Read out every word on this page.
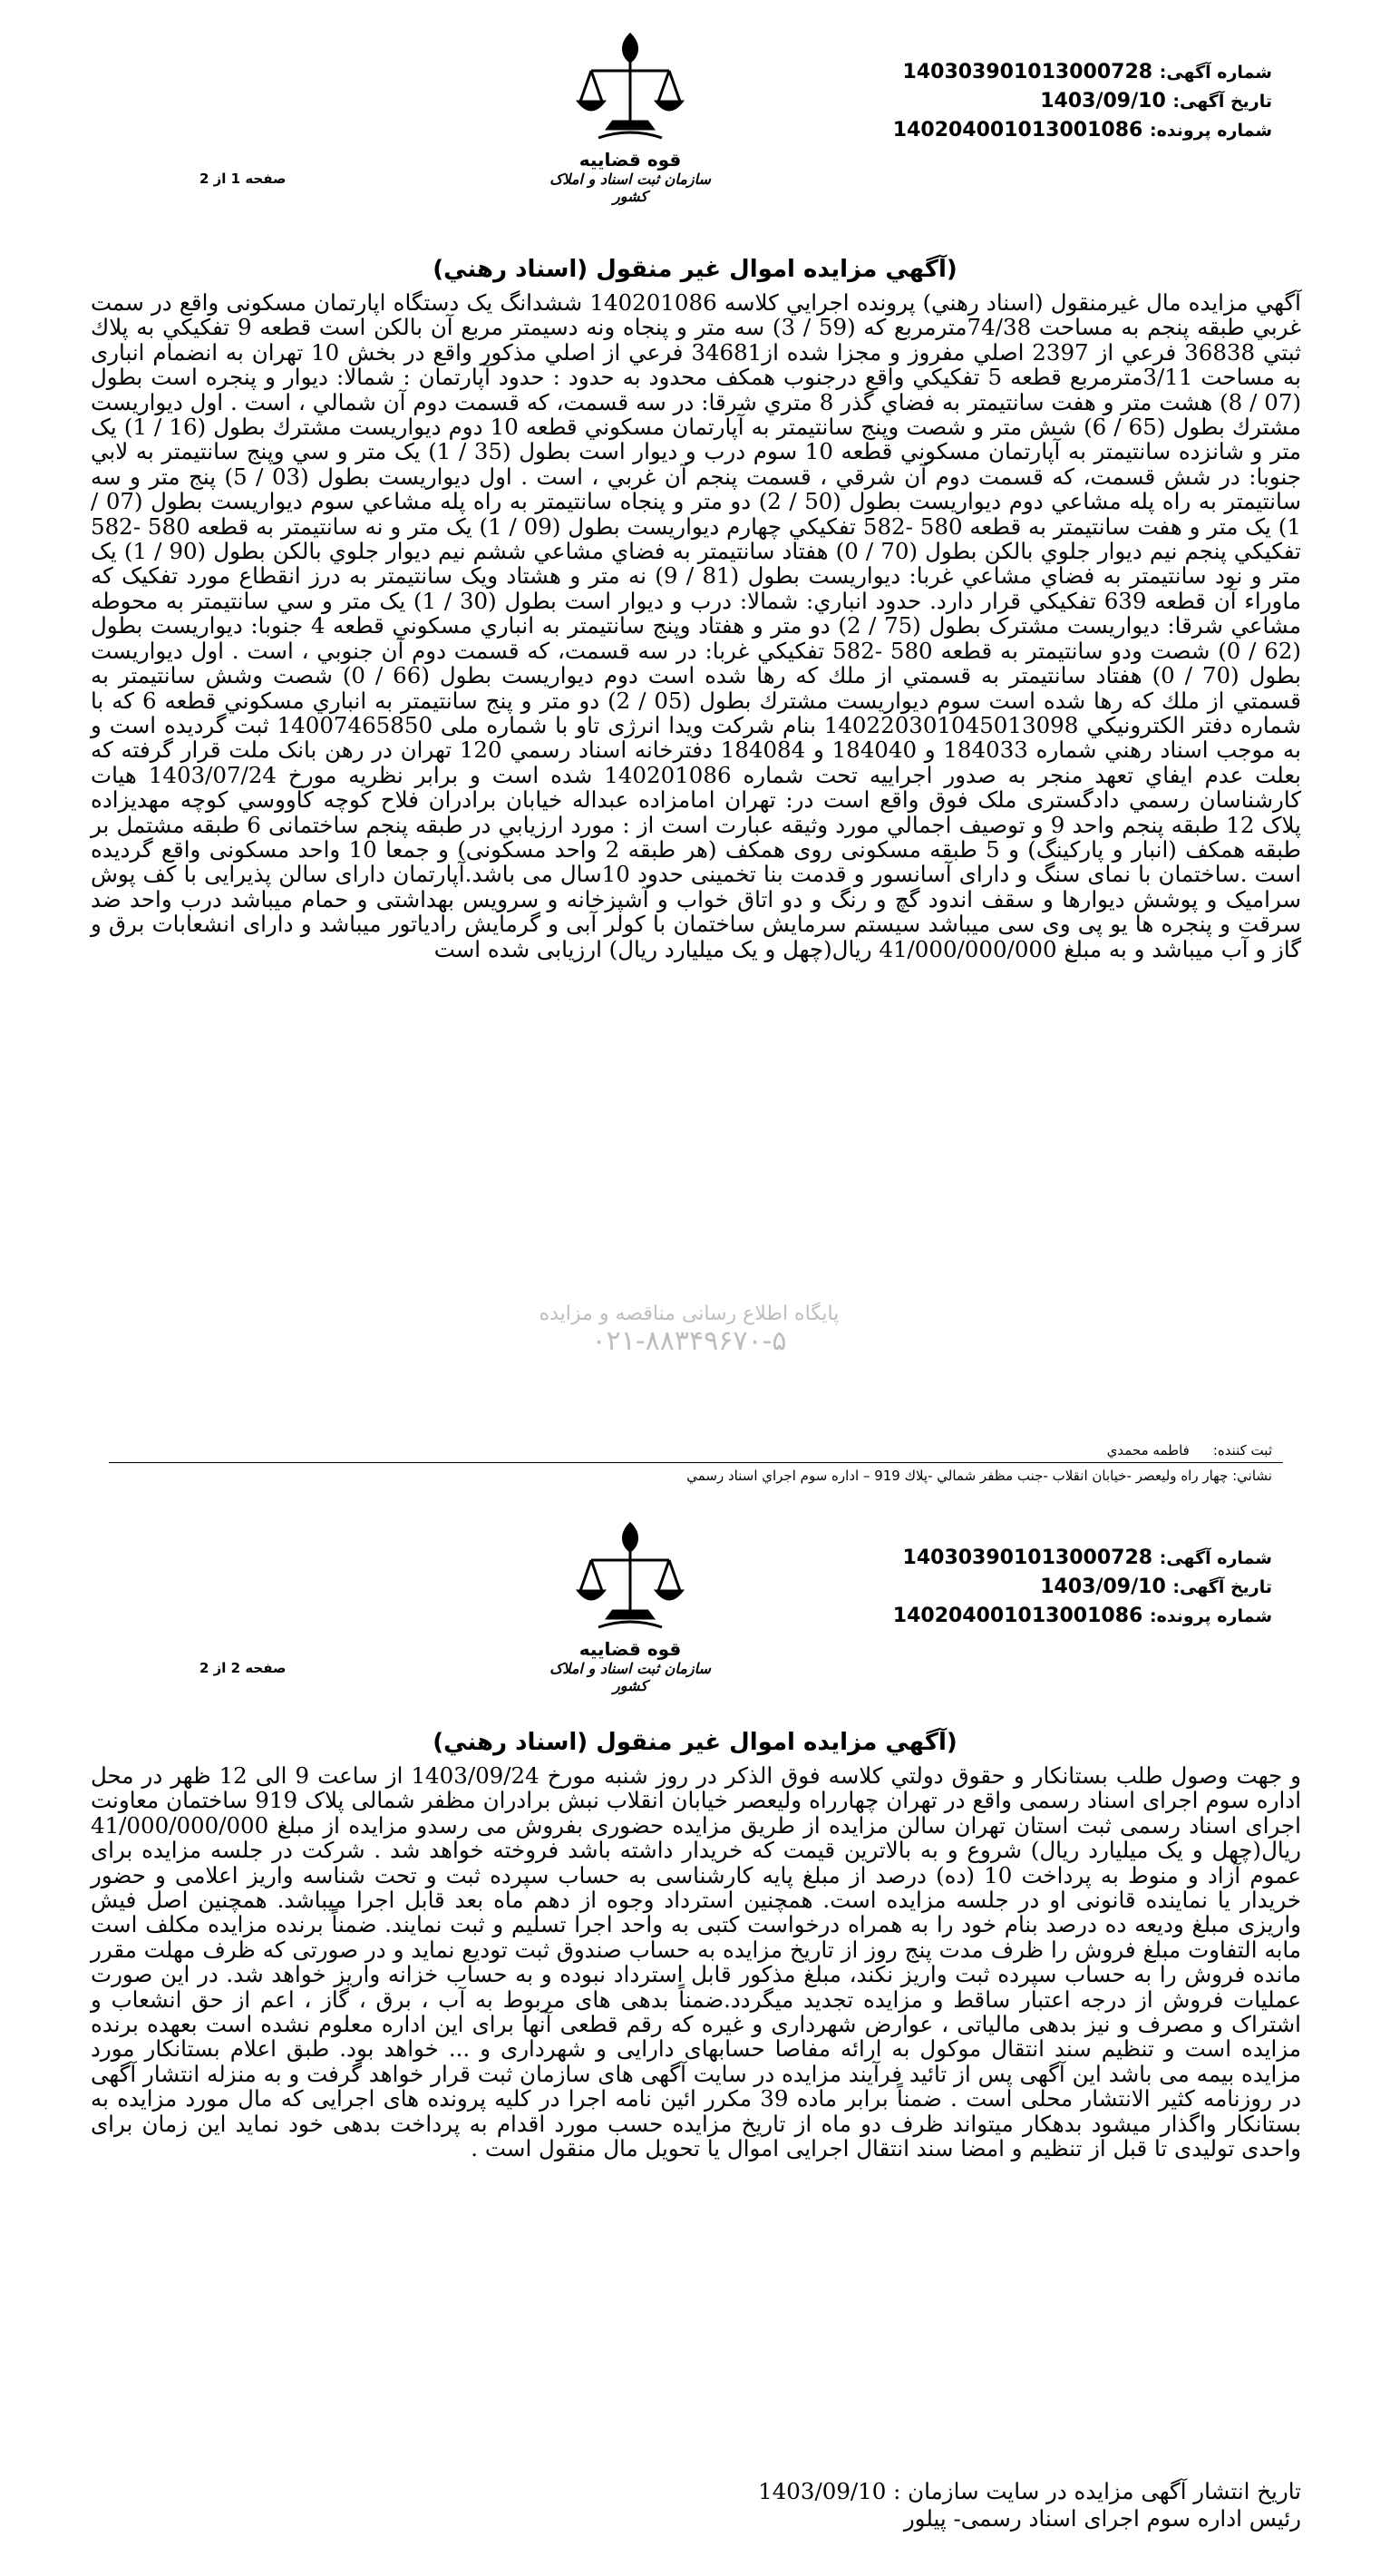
شماره آگهی: 140303901013000728
تاریخ آگهی: 1403/09/10
شماره پرونده: 140204001013001086
قوه قضاییه
سازمان ثبت اسناد و املاک کشور
صفحه 1 از 2
(آگهي مزايده اموال غير منقول (اسناد رهني)

آگهي مزايده مال غيرمنقول (اسناد رهني) پرونده اجرايي كلاسه 140201086 ششدانگ يک دستگاه اپارتمان مسکونی واقع در سمت غربي طبقه پنجم به مساحت 74/38مترمربع كه (59 / 3) سه متر و پنجاه ونه دسيمتر مربع آن بالكن است قطعه 9 تفكيكي به پلاك ثبتي 36838 فرعي از 2397 اصلي مفروز و مجزا شده از34681 فرعي از اصلي مذكور واقع در بخش 10 تهران به انضمام انباری به مساحت 3/11مترمربع قطعه 5 تفكيكي واقع درجنوب همكف محدود به حدود : حدود آپارتمان : شمالا: ديوار و پنجره است بطول (07 / 8) هشت متر و هفت سانتيمتر به فضاي گذر 8 متري شرقا: در سه قسمت، كه قسمت دوم آن شمالي ، است . اول ديواريست مشترك بطول (65 / 6) شش متر و شصت وپنج سانتيمتر به آپارتمان مسكوني قطعه 10 دوم ديواريست مشترك بطول (16 / 1) يک متر و شانزده سانتيمتر به آپارتمان مسكوني قطعه 10 سوم درب و ديوار است بطول (35 / 1) يک متر و سي وپنج سانتيمتر به لابي جنوبا: در شش قسمت، كه قسمت دوم آن شرقي ، قسمت پنجم آن غربي ، است . اول ديواريست بطول (03 / 5) پنج متر و سه سانتيمتر به راه پله مشاعي دوم ديواريست بطول (50 / 2) دو متر و پنجاه سانتيمتر به راه پله مشاعي سوم ديواريست بطول (07 / 1) يک متر و هفت سانتيمتر به قطعه 580 -582 تفكيكي چهارم ديواريست بطول (09 / 1) يک متر و نه سانتيمتر به قطعه 580 -582 تفكيكي پنجم نيم ديوار جلوي بالكن بطول (70 / 0) هفتاد سانتيمتر به فضاي مشاعي ششم نيم ديوار جلوي بالكن بطول (90 / 1) يک متر و نود سانتيمتر به فضاي مشاعي غربا: ديواريست بطول (81 / 9) نه متر و هشتاد ويک سانتيمتر به درز انقطاع مورد تفكيک كه ماوراء آن قطعه 639 تفكيكي قرار دارد. حدود انباري: شمالا: درب و ديوار است بطول (30 / 1) يک متر و سي سانتيمتر به محوطه مشاعي شرقا: ديواريست مشترک بطول (75 / 2) دو متر و هفتاد وپنج سانتيمتر به انباري مسكوني قطعه 4 جنوبا: ديواريست بطول (62 / 0) شصت ودو سانتيمتر به قطعه 580 -582 تفكيكي غربا: در سه قسمت، كه قسمت دوم آن جنوبي ، است . اول ديواريست بطول (70 / 0) هفتاد سانتيمتر به قسمتي از ملك كه رها شده است دوم ديواريست بطول (66 / 0) شصت وشش سانتيمتر به قسمتي از ملك كه رها شده است سوم ديواريست مشترك بطول (05 / 2) دو متر و پنج سانتيمتر به انباري مسكوني قطعه 6 كه با شماره دفتر الكترونيكي 140220301045013098 بنام شركت ويدا انرژی تاو با شماره ملی 14007465850 ثبت گرديده است و به موجب اسناد رهني شماره 184033 و 184040 و 184084 دفترخانه اسناد رسمي 120 تهران در رهن بانک ملت قرار گرفته كه بعلت عدم ايفاي تعهد منجر به صدور اجراييه تحت شماره 140201086 شده است و برابر نظريه مورخ 1403/07/24 هيات كارشناسان رسمي دادگستری ملک فوق واقع است در: تهران امامزاده عبداله خيابان برادران فلاح كوچه كاووسي كوچه مهديزاده پلاک 12 طبقه پنجم واحد 9 و توصيف اجمالي مورد وثيقه عبارت است از : مورد ارزيابي در طبقه پنجم ساختمانی 6 طبقه مشتمل بر طبقه همكف (انبار و پاركينگ) و 5 طبقه مسكونی روی همكف (هر طبقه 2 واحد مسكونی) و جمعا 10 واحد مسكونی واقع گرديده است .ساختمان با نمای سنگ و دارای آسانسور و قدمت بنا تخمينی حدود 10سال می باشد.آپارتمان دارای سالن پذيرايی با كف پوش سراميک و پوشش ديوارها و سقف اندود گچ و رنگ و دو اتاق خواب و آشپزخانه و سرويس بهداشتی و حمام ميباشد درب واحد ضد سرقت و پنجره ها يو پی وی سی ميباشد سيستم سرمايش ساختمان با كولر آبی و گرمايش رادياتور ميباشد و دارای انشعابات برق و گاز و آب ميباشد و به مبلغ 41/000/000/000 ريال(چهل و يک ميليارد ريال) ارزيابی شده است

پایگاه اطلاع رسانی مناقصه و مزایده
۰۲۱-۸۸۳۴۹۶۷۰-۵
ثبت كننده:فاطمه محمدي
نشاني: چهار راه وليعصر -خيابان انقلاب -جنب مظفر شمالي -پلاك 919 – اداره سوم اجراي اسناد رسمي
شماره آگهی: 140303901013000728
تاریخ آگهی: 1403/09/10
شماره پرونده: 140204001013001086
قوه قضاییه
سازمان ثبت اسناد و املاک کشور
صفحه 2 از 2
(آگهي مزايده اموال غير منقول (اسناد رهني)

و جهت وصول طلب بستانكار و حقوق دولتي كلاسه فوق الذكر در روز شنبه مورخ 1403/09/24 از ساعت 9 الی 12 ظهر در محل اداره سوم اجرای اسناد رسمی واقع در تهران چهارراه وليعصر خيابان انقلاب نبش برادران مظفر شمالی پلاک 919 ساختمان معاونت اجرای اسناد رسمی ثبت استان تهران سالن مزايده از طريق مزايده حضوری بفروش می رسدو مزايده از مبلغ 41/000/000/000 ريال(چهل و يک ميليارد ريال) شروع و به بالاترين قيمت كه خريدار داشته باشد فروخته خواهد شد . شركت در جلسه مزايده برای عموم آزاد و منوط به پرداخت 10 (ده) درصد از مبلغ پايه كارشناسی به حساب سپرده ثبت و تحت شناسه واريز اعلامی و حضور خريدار يا نماينده قانونی او در جلسه مزايده است. همچنين استرداد وجوه از دهم ماه بعد قابل اجرا ميباشد. همچنين اصل فيش واريزی مبلغ وديعه ده درصد بنام خود را به همراه درخواست كتبی به واحد اجرا تسليم و ثبت نمايند. ضمناً برنده مزايده مكلف است مابه التفاوت مبلغ فروش را ظرف مدت پنج روز از تاريخ مزايده به حساب صندوق ثبت توديع نمايد و در صورتی كه ظرف مهلت مقرر مانده فروش را به حساب سپرده ثبت واريز نكند، مبلغ مذكور قابل استرداد نبوده و به حساب خزانه واريز خواهد شد. در اين صورت عمليات فروش از درجه اعتبار ساقط و مزايده تجديد ميگردد.ضمناً بدهی های مربوط به آب ، برق ، گاز ، اعم از حق انشعاب و اشتراک و مصرف و نيز بدهی مالياتی ، عوارض شهرداری و غيره كه رقم قطعی آنها برای اين اداره معلوم نشده است بعهده برنده مزايده است و تنظيم سند انتقال موكول به ارائه مفاصا حسابهای دارايی و شهرداری و ... خواهد بود. طبق اعلام بستانكار مورد مزايده بيمه می باشد اين آگهی پس از تائيد فرآيند مزايده در سايت آگهی های سازمان ثبت قرار خواهد گرفت و به منزله انتشار آگهی در روزنامه كثير الانتشار محلی است . ضمناً برابر ماده 39 مكرر ائين نامه اجرا در كليه پرونده های اجرايی كه مال مورد مزايده به بستانكار واگذار ميشود بدهكار ميتواند ظرف دو ماه از تاريخ مزايده حسب مورد اقدام به پرداخت بدهی خود نمايد اين زمان برای واحدی توليدی تا قبل از تنظيم و امضا سند انتقال اجرايی اموال يا تحويل مال منقول است .

تاريخ انتشار آگهی مزايده در سايت سازمان : 1403/09/10
رئيس اداره سوم اجرای اسناد رسمی- پيلور
